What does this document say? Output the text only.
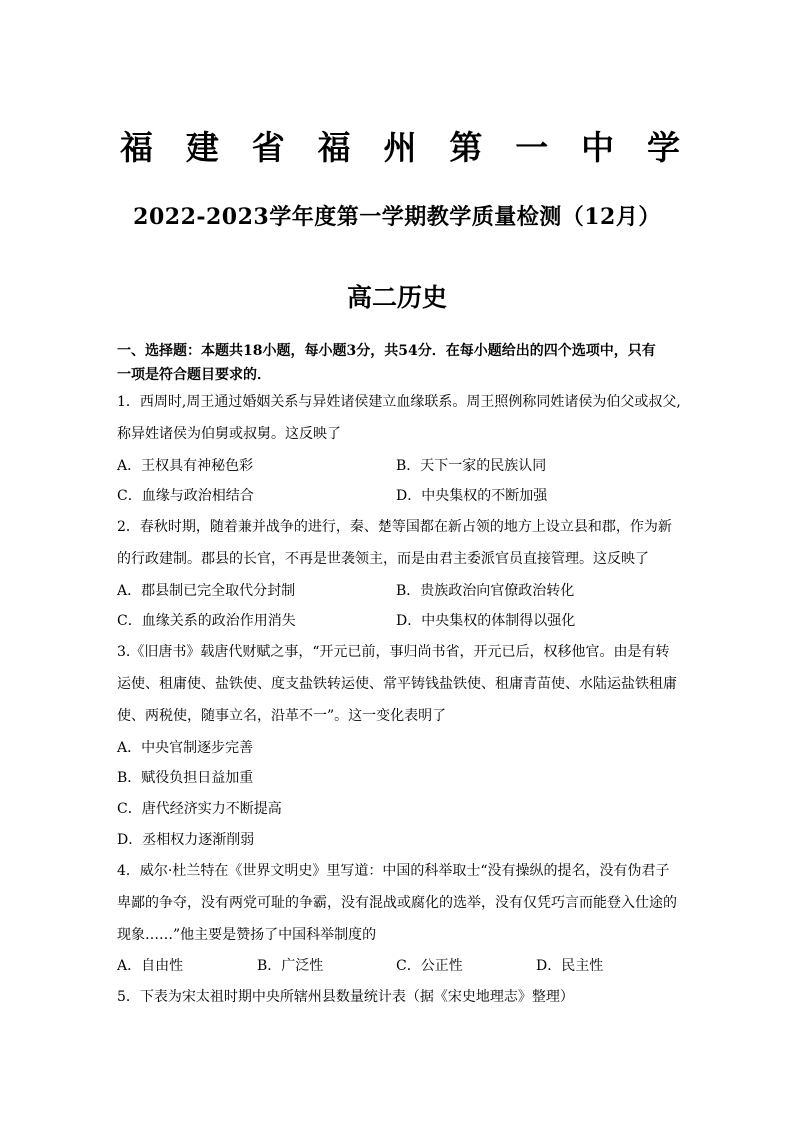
福 建 省 福 州 第 一 中 学
2022-2023学年度第一学期教学质量检测（12月）
高二历史
一、选择题：本题共18小题，每小题3分，共54分．在每小题给出的四个选项中，只有
一项是符合题目要求的．
1．西周时,周王通过婚姻关系与异姓诸侯建立血缘联系。周王照例称同姓诸侯为伯父或叔父,
称异姓诸侯为伯舅或叔舅。这反映了
A．王权具有神秘色彩	B．天下一家的民族认同
C．血缘与政治相结合	D．中央集权的不断加强
2．春秋时期，随着兼并战争的进行，秦、楚等国都在新占领的地方上设立县和郡，作为新
的行政建制。郡县的长官，不再是世袭领主，而是由君主委派官员直接管理。这反映了
A．郡县制已完全取代分封制	B．贵族政治向官僚政治转化
C．血缘关系的政治作用消失	D．中央集权的体制得以强化
3.《旧唐书》载唐代财赋之事，“开元已前，事归尚书省，开元已后，权移他官。由是有转
运使、租庸使、盐铁使、度支盐铁转运使、常平铸钱盐铁使、租庸青苗使、水陆运盐铁租庸
使、两税使，随事立名，沿革不一”。这一变化表明了
A．中央官制逐步完善
B．赋役负担日益加重
C．唐代经济实力不断提高
D．丞相权力逐渐削弱
4．威尔·杜兰特在《世界文明史》里写道：中国的科举取士“没有操纵的提名，没有伪君子
卑鄙的争夺，没有两党可耻的争霸，没有混战或腐化的选举，没有仅凭巧言而能登入仕途的
现象……”他主要是赞扬了中国科举制度的
A．自由性	B．广泛性	C．公正性	D．民主性
5．下表为宋太祖时期中央所辖州县数量统计表（据《宋史地理志》整理）
